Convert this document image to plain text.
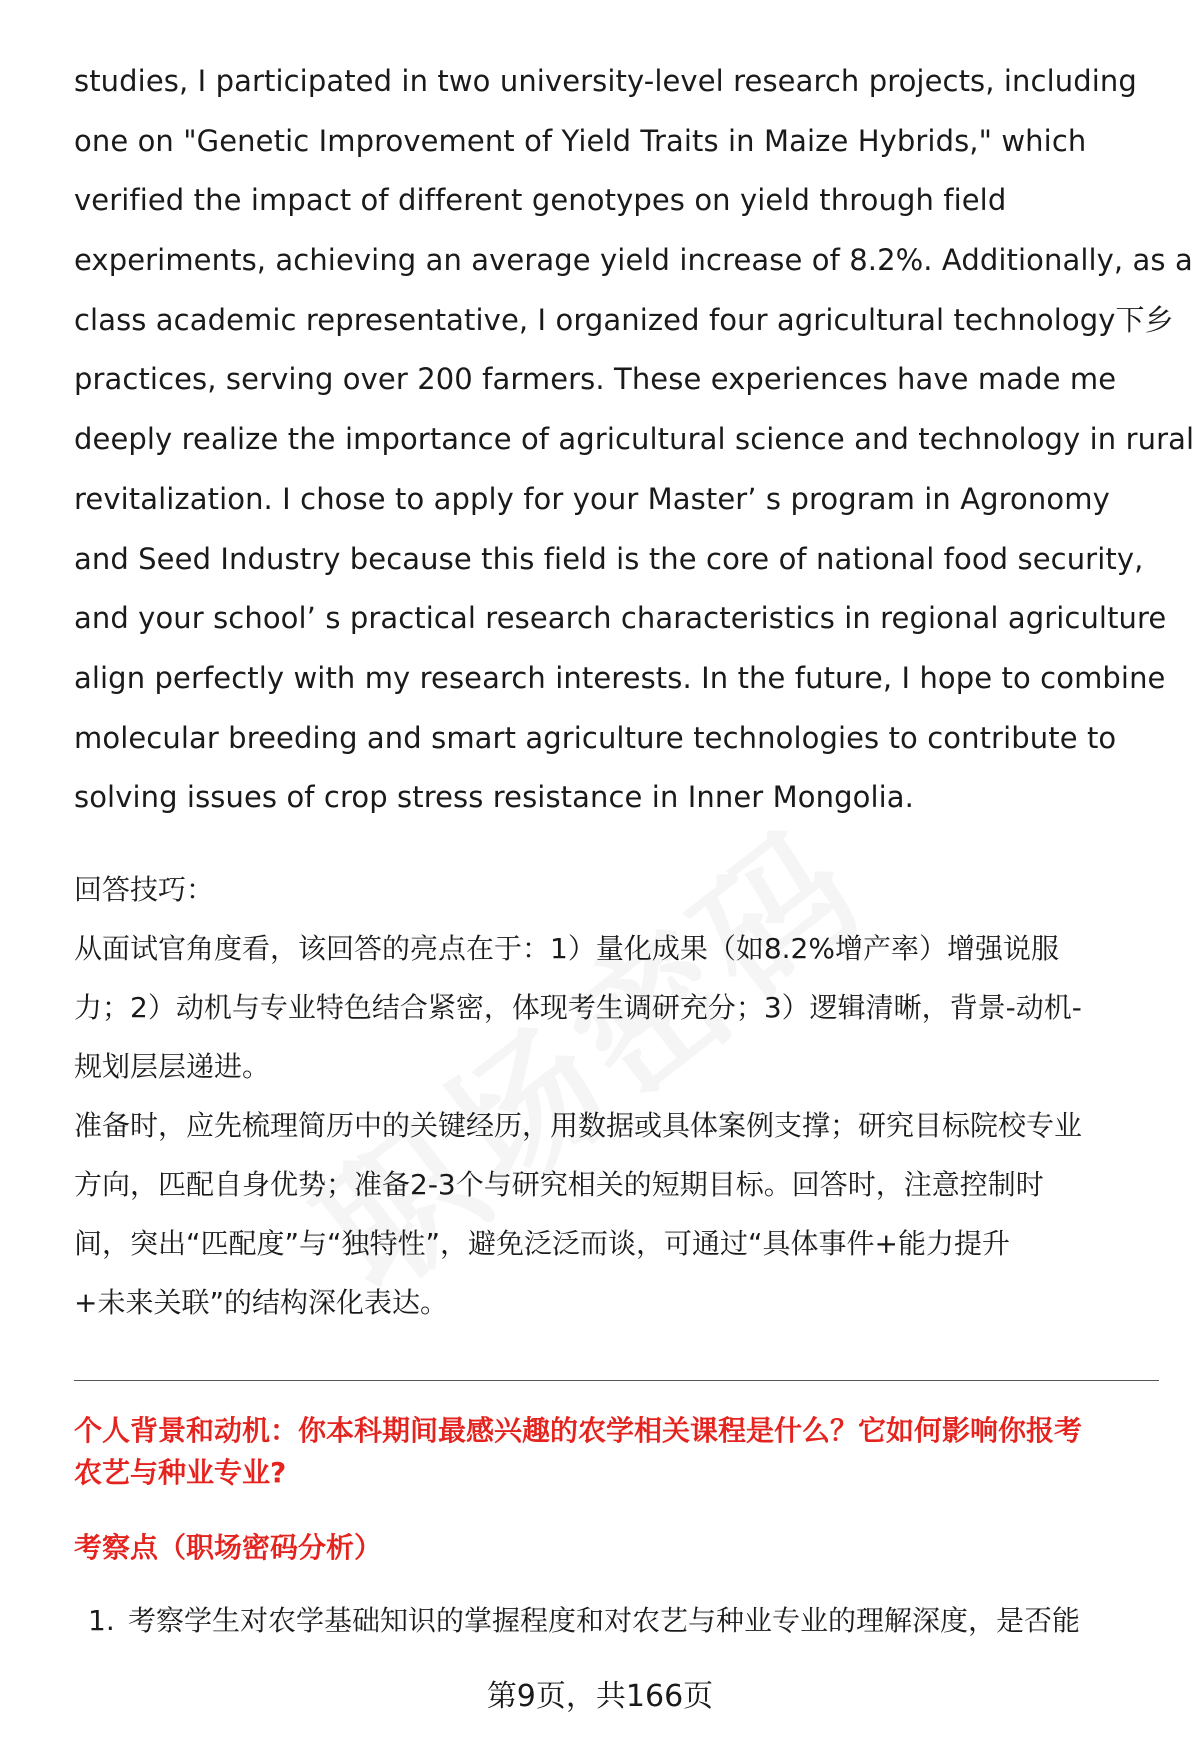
studies, I participated in two university-level research projects, including
one on "Genetic Improvement of Yield Traits in Maize Hybrids," which
verified the impact of different genotypes on yield through field
experiments, achieving an average yield increase of 8.2%. Additionally, as a
class academic representative, I organized four agricultural technology下乡
practices, serving over 200 farmers. These experiences have made me
deeply realize the importance of agricultural science and technology in rural
revitalization. I chose to apply for your Master’ s program in Agronomy
and Seed Industry because this field is the core of national food security,
and your school’ s practical research characteristics in regional agriculture
align perfectly with my research interests. In the future, I hope to combine
molecular breeding and smart agriculture technologies to contribute to
solving issues of crop stress resistance in Inner Mongolia.
回答技巧：
从面试官角度看，该回答的亮点在于：1）量化成果（如8.2%增产率）增强说服
力；2）动机与专业特色结合紧密，体现考生调研充分；3）逻辑清晰，背景-动机-
规划层层递进。
准备时，应先梳理简历中的关键经历，用数据或具体案例支撑；研究目标院校专业
方向，匹配自身优势；准备2-3个与研究相关的短期目标。回答时，注意控制时
间，突出“匹配度”与“独特性”，避免泛泛而谈，可通过“具体事件+能力提升
+未来关联”的结构深化表达。
个人背景和动机：你本科期间最感兴趣的农学相关课程是什么？它如何影响你报考
农艺与种业专业?
考察点（职场密码分析）
1. 考察学生对农学基础知识的掌握程度和对农艺与种业专业的理解深度，是否能
第9页，共166页
